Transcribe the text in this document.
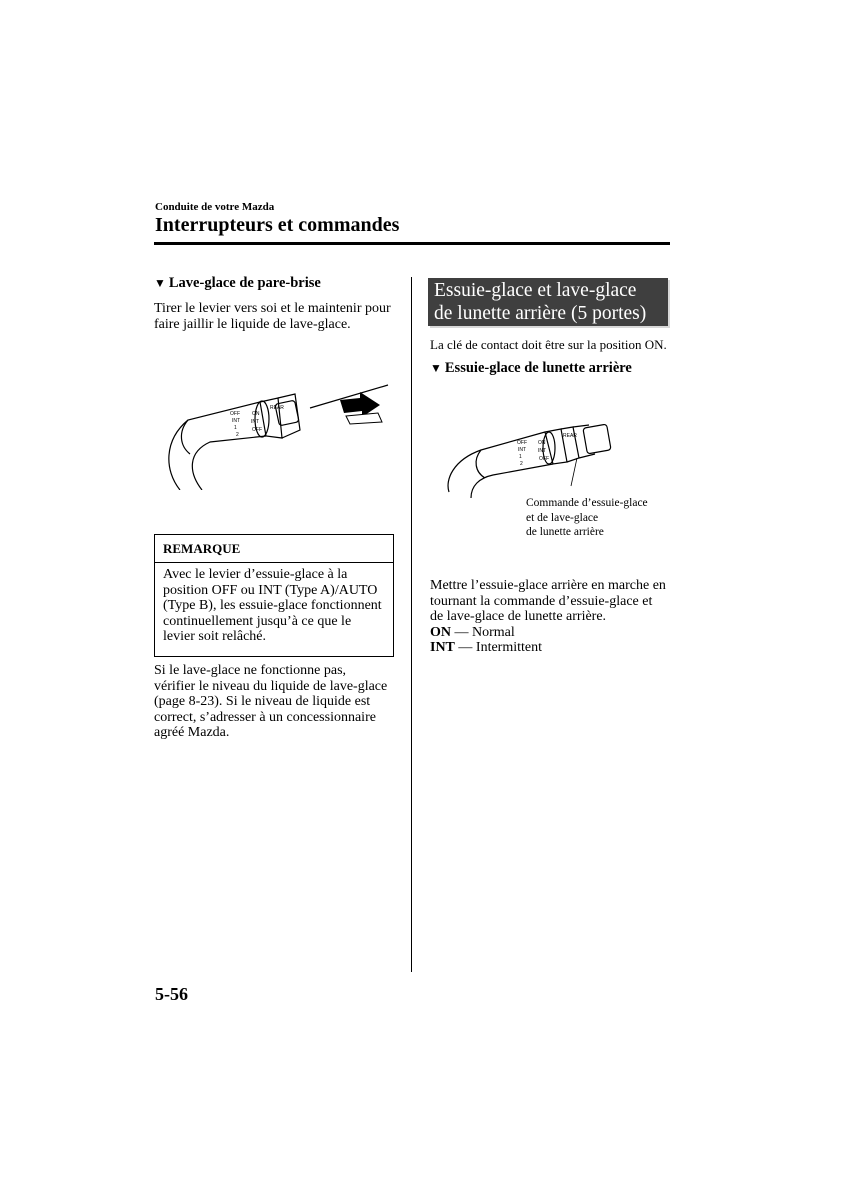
Conduite de votre Mazda
Interrupteurs et commandes
▼ Lave-glace de pare-brise
Tirer le levier vers soi et le maintenir pour
faire jaillir le liquide de lave-glace.
OFF
INT
1
2
REAR
ON
INT
OFF
REMARQUE
Avec le levier d’essuie-glace à la
position OFF ou INT (Type A)/AUTO
(Type B), les essuie-glace fonctionnent
continuellement jusqu’à ce que le
levier soit relâché.
Si le lave-glace ne fonctionne pas,
vérifier le niveau du liquide de lave-glace
(page 8-23). Si le niveau de liquide est
correct, s’adresser à un concessionnaire
agréé Mazda.
Essuie-glace et lave-glace
de lunette arrière (5 portes)
La clé de contact doit être sur la position ON.
▼ Essuie-glace de lunette arrière
OFF
INT
1
2
REAR
ON
INT
OFF
Commande d’essuie-glace
et de lave-glace
de lunette arrière
Mettre l’essuie-glace arrière en marche en
tournant la commande d’essuie-glace et
de lave-glace de lunette arrière.
ON — Normal
INT — Intermittent
5-56
